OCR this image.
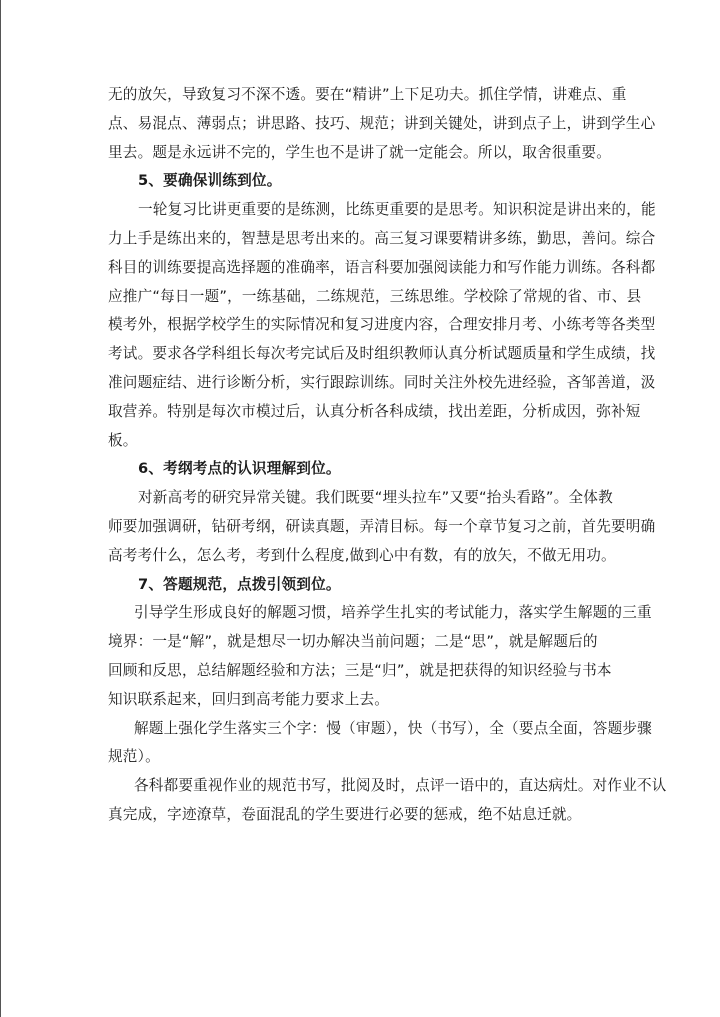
无的放矢，导致复习不深不透。要在“精讲”上下足功夫。抓住学情，讲难点、重
点、易混点、薄弱点；讲思路、技巧、规范；讲到关键处，讲到点子上，讲到学生心
里去。题是永远讲不完的，学生也不是讲了就一定能会。所以，取舍很重要。
5、要确保训练到位。
一轮复习比讲更重要的是练测，比练更重要的是思考。知识积淀是讲出来的，能
力上手是练出来的，智慧是思考出来的。高三复习课要精讲多练，勤思，善问。综合
科目的训练要提高选择题的准确率，语言科要加强阅读能力和写作能力训练。各科都
应推广“每日一题”，一练基础，二练规范，三练思维。学校除了常规的省、市、县
模考外，根据学校学生的实际情况和复习进度内容，合理安排月考、小练考等各类型
考试。要求各学科组长每次考完试后及时组织教师认真分析试题质量和学生成绩，找
准问题症结、进行诊断分析，实行跟踪训练。同时关注外校先进经验，吝邹善道，汲
取营养。特别是每次市模过后，认真分析各科成绩，找出差距，分析成因，弥补短
板。
6、考纲考点的认识理解到位。
对新高考的研究异常关键。我们既要“埋头拉车”又要“抬头看路”。全体教
师要加强调研，钻研考纲，研读真题，弄清目标。每一个章节复习之前，首先要明确
高考考什么，怎么考，考到什么程度,做到心中有数，有的放矢，不做无用功。
7、答题规范，点拨引领到位。
引导学生形成良好的解题习惯，培养学生扎实的考试能力，落实学生解题的三重
境界：一是“解”，就是想尽一切办解决当前问题；二是“思”，就是解题后的
回顾和反思，总结解题经验和方法；三是“归”，就是把获得的知识经验与书本
知识联系起来，回归到高考能力要求上去。
解题上强化学生落实三个字：慢（审题），快（书写），全（要点全面，答题步骤
规范）。
各科都要重视作业的规范书写，批阅及时，点评一语中的，直达病灶。对作业不认
真完成，字迹潦草，卷面混乱的学生要进行必要的惩戒，绝不姑息迁就。
